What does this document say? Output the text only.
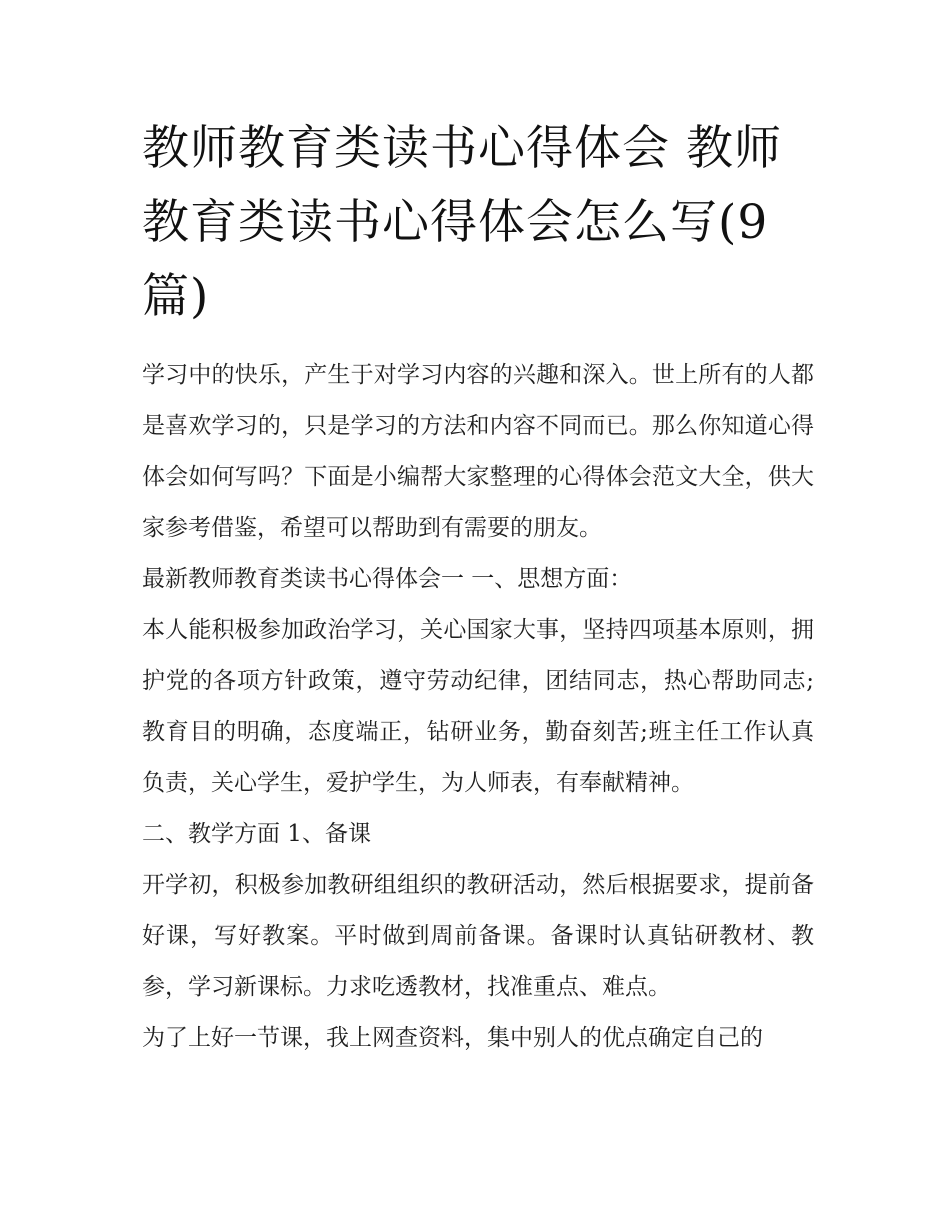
教师教育类读书心得体会 教师
教育类读书心得体会怎么写(9
篇)

学习中的快乐，产生于对学习内容的兴趣和深入。世上所有的人都是喜欢学习的，只是学习的方法和内容不同而已。那么你知道心得体会如何写吗？下面是小编帮大家整理的心得体会范文大全，供大家参考借鉴，希望可以帮助到有需要的朋友。

最新教师教育类读书心得体会一 一、思想方面：

本人能积极参加政治学习，关心国家大事，坚持四项基本原则，拥护党的各项方针政策，遵守劳动纪律，团结同志，热心帮助同志;教育目的明确，态度端正，钻研业务，勤奋刻苦;班主任工作认真负责，关心学生，爱护学生，为人师表，有奉献精神。

二、教学方面 1、备课

开学初，积极参加教研组组织的教研活动，然后根据要求，提前备好课，写好教案。平时做到周前备课。备课时认真钻研教材、教参，学习新课标。力求吃透教材，找准重点、难点。

为了上好一节课，我上网查资料，集中别人的优点确定自己的
